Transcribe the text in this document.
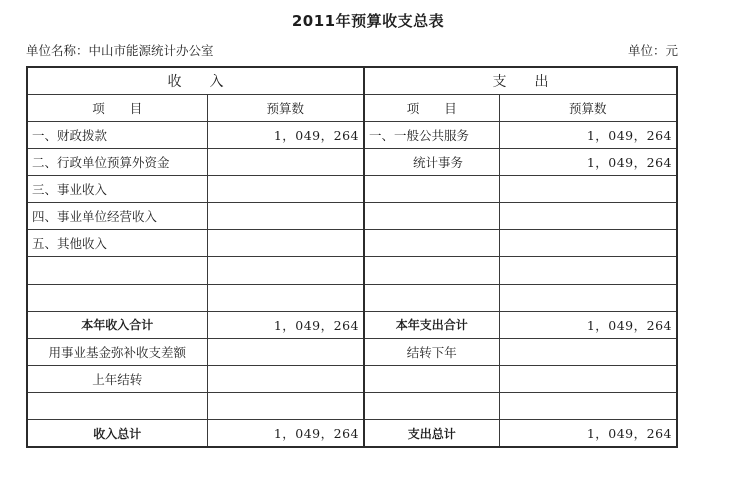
2011年预算收支总表
单位名称：中山市能源统计办公室	单位：元
收　　入		支　　出	
项　　目	预算数	项　　目	预算数
一、财政拨款	1，049，264	一、一般公共服务	1，049，264
二、行政单位预算外资金		统计事务	1，049，264
三、事业收入			
四、事业单位经营收入			
五、其他收入			

本年收入合计	1，049，264	本年支出合计	1，049，264
用事业基金弥补收支差额		结转下年	
上年结转			

收入总计	1，049，264	支出总计	1，049，264
